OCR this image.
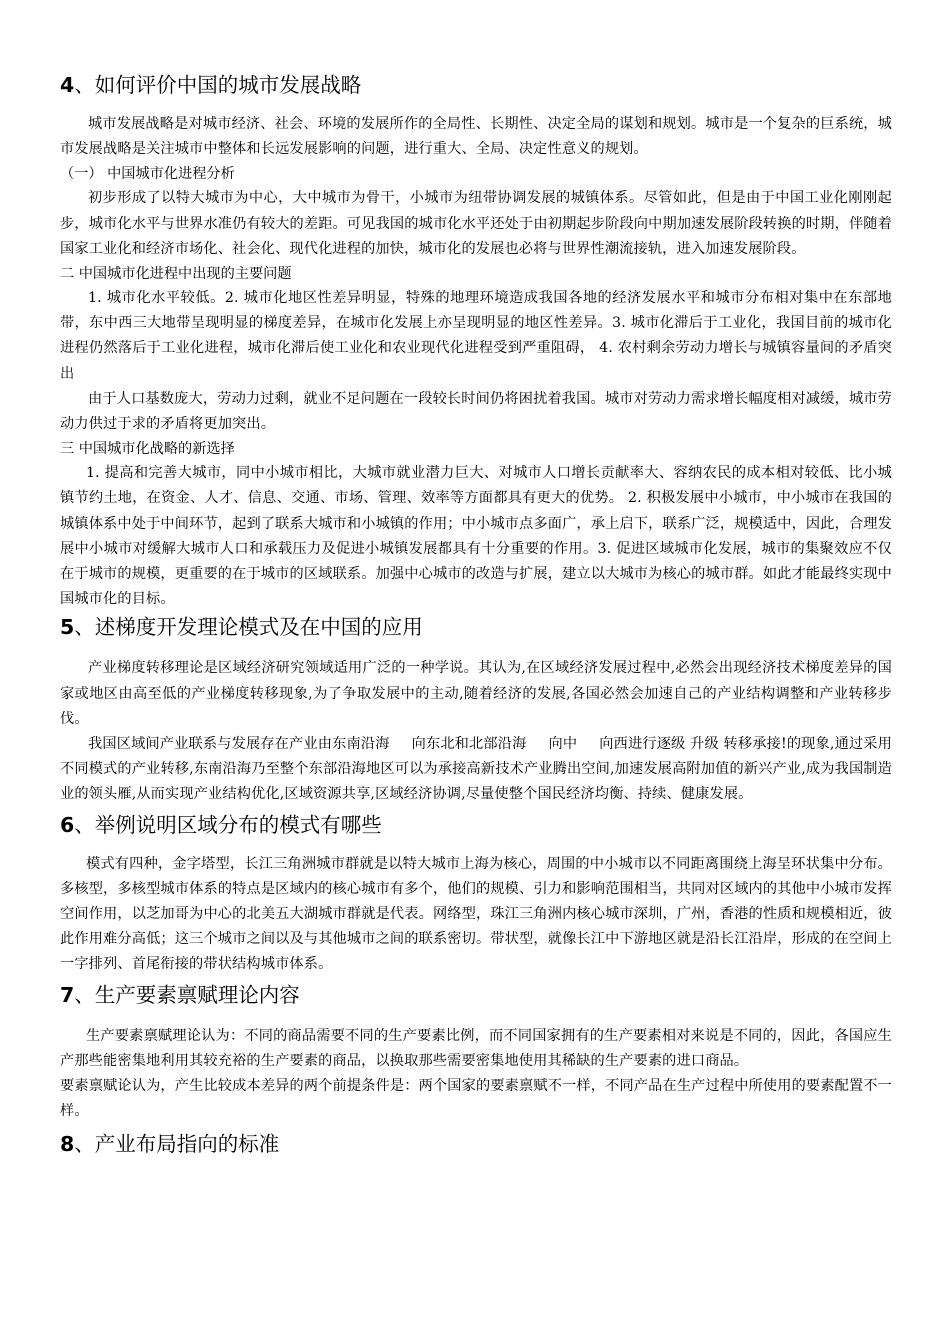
4、如何评价中国的城市发展战略

城市发展战略是对城市经济、社会、环境的发展所作的全局性、长期性、决定全局的谋划和规划。城市是一个复杂的巨系统，城市发展战略是关注城市中整体和长远发展影响的问题，进行重大、全局、决定性意义的规划。

（一） 中国城市化进程分析

初步形成了以特大城市为中心，大中城市为骨干，小城市为纽带协调发展的城镇体系。尽管如此，但是由于中国工业化刚刚起步，城市化水平与世界水准仍有较大的差距。可见我国的城市化水平还处于由初期起步阶段向中期加速发展阶段转换的时期，伴随着国家工业化和经济市场化、社会化、现代化进程的加快，城市化的发展也必将与世界性潮流接轨，进入加速发展阶段。

二 中国城市化进程中出现的主要问题

1. 城市化水平较低。2. 城市化地区性差异明显，特殊的地理环境造成我国各地的经济发展水平和城市分布相对集中在东部地带，东中西三大地带呈现明显的梯度差异，在城市化发展上亦呈现明显的地区性差异。3. 城市化滞后于工业化，我国目前的城市化进程仍然落后于工业化进程，城市化滞后使工业化和农业现代化进程受到严重阻碍， 4. 农村剩余劳动力增长与城镇容量间的矛盾突出

由于人口基数庞大，劳动力过剩，就业不足问题在一段较长时间仍将困扰着我国。城市对劳动力需求增长幅度相对减缓，城市劳动力供过于求的矛盾将更加突出。

三 中国城市化战略的新选择

1. 提高和完善大城市，同中小城市相比，大城市就业潜力巨大、对城市人口增长贡献率大、容纳农民的成本相对较低、比小城镇节约土地，在资金、人才、信息、交通、市场、管理、效率等方面都具有更大的优势。 2. 积极发展中小城市，中小城市在我国的城镇体系中处于中间环节，起到了联系大城市和小城镇的作用；中小城市点多面广，承上启下，联系广泛，规模适中，因此，合理发展中小城市对缓解大城市人口和承载压力及促进小城镇发展都具有十分重要的作用。3. 促进区域城市化发展，城市的集聚效应不仅在于城市的规模，更重要的在于城市的区域联系。加强中心城市的改造与扩展，建立以大城市为核心的城市群。如此才能最终实现中国城市化的目标。

5、述梯度开发理论模式及在中国的应用

产业梯度转移理论是区域经济研究领域适用广泛的一种学说。其认为,在区域经济发展过程中,必然会出现经济技术梯度差异的国家或地区由高至低的产业梯度转移现象,为了争取发展中的主动,随着经济的发展,各国必然会加速自己的产业结构调整和产业转移步伐。

我国区域间产业联系与发展存在产业由东南沿海 向东北和北部沿海 向中 向西进行逐级 升级 转移承接!的现象,通过采用不同模式的产业转移,东南沿海乃至整个东部沿海地区可以为承接高新技术产业腾出空间,加速发展高附加值的新兴产业,成为我国制造业的领头雁,从而实现产业结构优化,区域资源共享,区域经济协调,尽量使整个国民经济均衡、持续、健康发展。

6、举例说明区域分布的模式有哪些

模式有四种，金字塔型，长江三角洲城市群就是以特大城市上海为核心，周围的中小城市以不同距离围绕上海呈环状集中分布。多核型，多核型城市体系的特点是区域内的核心城市有多个，他们的规模、引力和影响范围相当，共同对区域内的其他中小城市发挥空间作用，以芝加哥为中心的北美五大湖城市群就是代表。网络型，珠江三角洲内核心城市深圳，广州，香港的性质和规模相近，彼此作用难分高低；这三个城市之间以及与其他城市之间的联系密切。带状型，就像长江中下游地区就是沿长江沿岸，形成的在空间上一字排列、首尾衔接的带状结构城市体系。

7、生产要素禀赋理论内容

生产要素禀赋理论认为：不同的商品需要不同的生产要素比例，而不同国家拥有的生产要素相对来说是不同的，因此，各国应生产那些能密集地利用其较充裕的生产要素的商品，以换取那些需要密集地使用其稀缺的生产要素的进口商品。

要素禀赋论认为，产生比较成本差异的两个前提条件是：两个国家的要素禀赋不一样，不同产品在生产过程中所使用的要素配置不一样。

8、产业布局指向的标准
